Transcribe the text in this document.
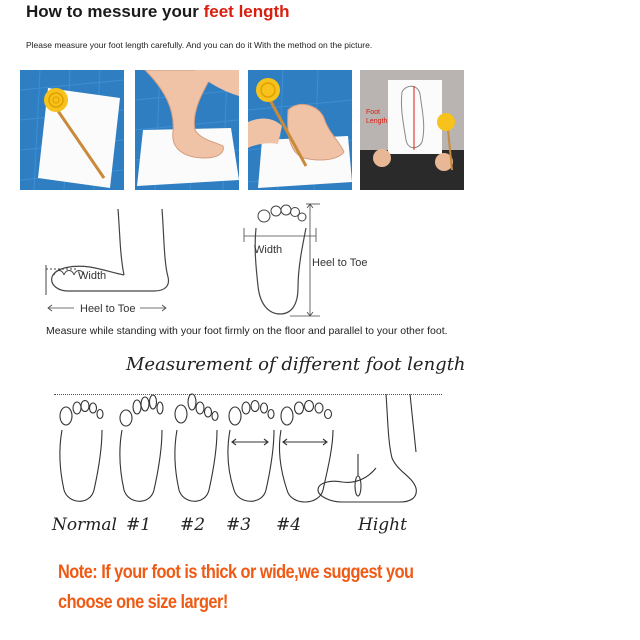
How to messure your feet length
Please measure your foot length carefully. And you can do it With the method on the picture.
Foot
Length
Width
Heel to Toe
Width
Heel to Toe
Measure while standing with your foot firmly on the floor and parallel to your other foot.
Measurement of different foot length
Normal #1 #2 #3 #4	Hight
Note: If your foot is thick or wide,we suggest you
choose one size larger!
